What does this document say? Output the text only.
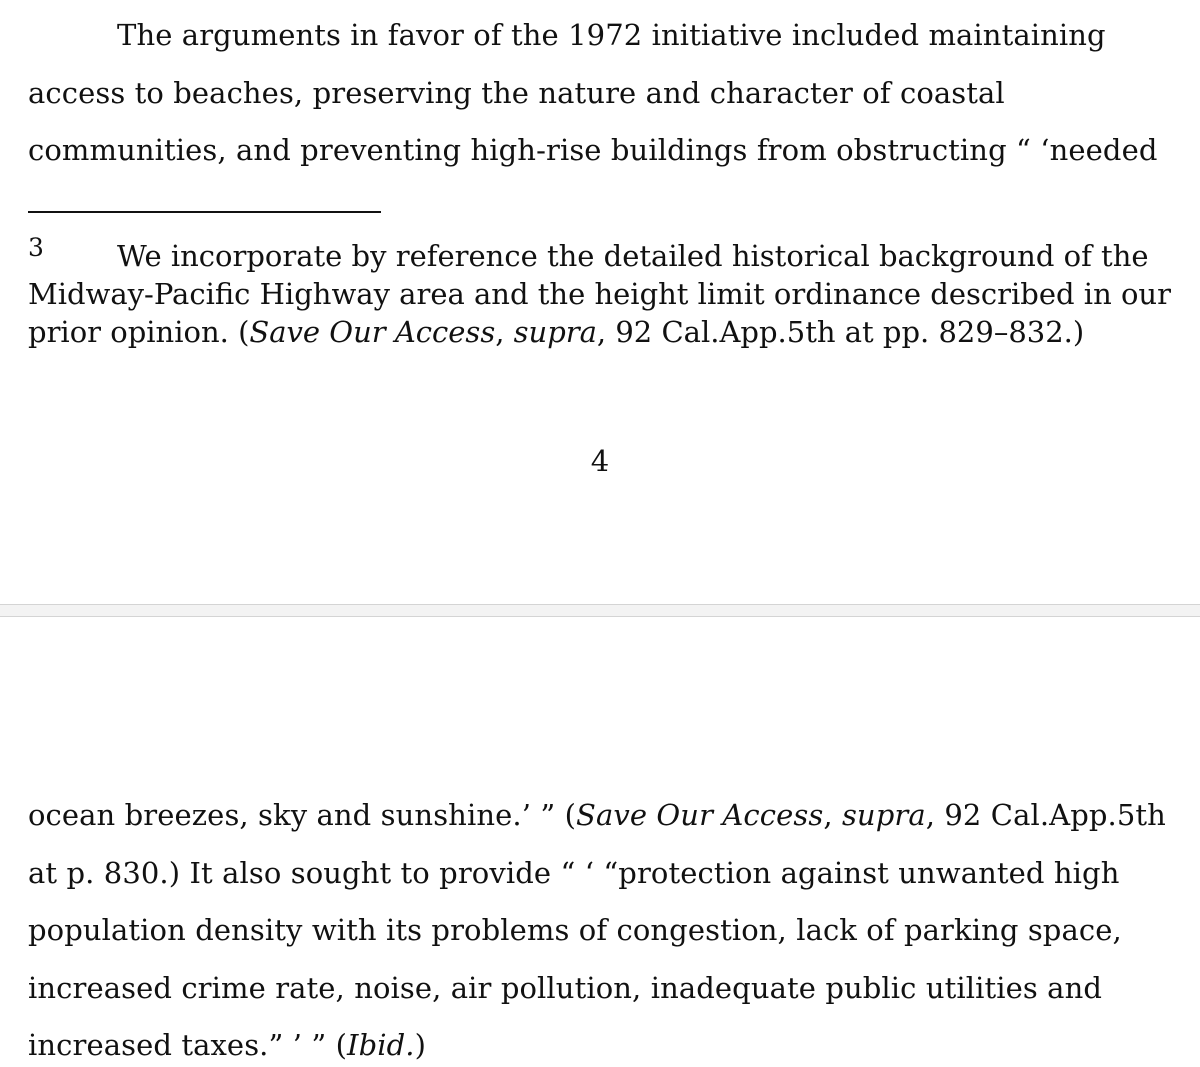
The arguments in favor of the 1972 initiative included maintaining

access to beaches, preserving the nature and character of coastal

communities, and preventing high-rise buildings from obstructing “ ‘needed

3	We incorporate by reference the detailed historical background of the

Midway-Pacific Highway area and the height limit ordinance described in our

prior opinion. (Save Our Access, supra, 92 Cal.App.5th at pp. 829–832.)

4

ocean breezes, sky and sunshine.’ ” (Save Our Access, supra, 92 Cal.App.5th

at p. 830.) It also sought to provide “ ‘ “protection against unwanted high

population density with its problems of congestion, lack of parking space,

increased crime rate, noise, air pollution, inadequate public utilities and

increased taxes.” ’ ” (Ibid.)
